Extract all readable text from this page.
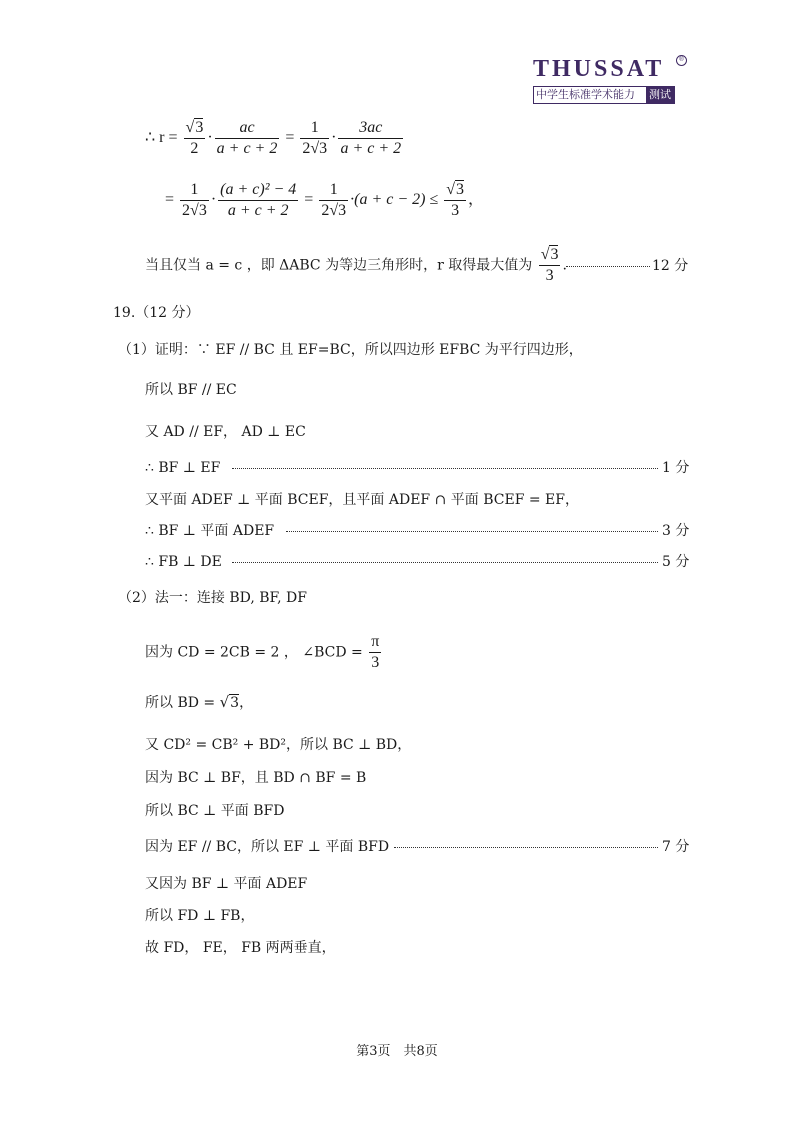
THUSSAT	®
中学生标准学术能力	测试
∴ $r = \frac{√3}{2} \cdot \frac{ac}{a + c + 2} = \frac{1}{2√3} \cdot \frac{3ac}{a + c + 2}$
= $\frac{1}{2√3} \cdot \frac{\text{(a + c)² − 4}}{a + c + 2} = \frac{1}{2√3} \cdot(a + c - 2) \le \frac{√3}{3}$ ，
当且仅当 a = c ，即 ΔABC 为等边三角形时，r 取得最大值为 $\frac{√3}{3}$ .	12 分
19.（12 分）
（1）证明：∵ EF // BC 且 EF=BC，所以四边形 EFBC 为平行四边形，
所以 BF // EC
又 AD // EF， AD ⊥ EC
∴ BF ⊥ EF	1 分
又平面 ADEF ⊥ 平面 BCEF，且平面 ADEF ∩ 平面 BCEF = EF，
∴ BF ⊥ 平面 ADEF	3 分
∴ FB ⊥ DE	5 分
（2）法一：连接 BD, BF, DF
因为 CD = 2CB = 2 ， ∠BCD = $\frac{\pi}{3}$
所以 BD = √3，
又 CD² = CB² + BD²，所以 BC ⊥ BD，
因为 BC ⊥ BF，且 BD ∩ BF = B
所以 BC ⊥ 平面 BFD
因为 EF // BC，所以 EF ⊥ 平面 BFD	7 分
又因为 BF ⊥ 平面 ADEF
所以 FD ⊥ FB，
故 FD， FE， FB 两两垂直，
第3页　共8页
